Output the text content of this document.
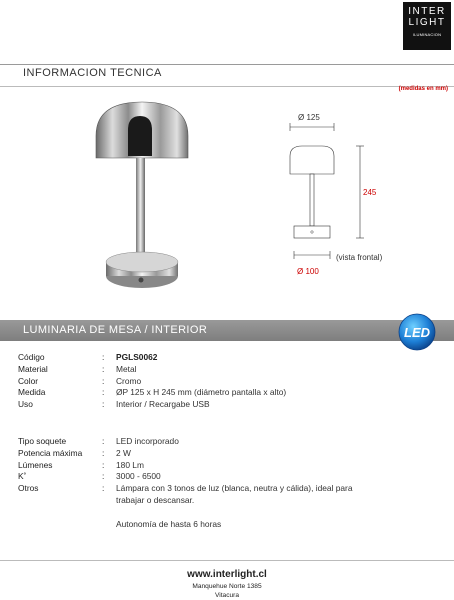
INTER
LIGHT
ILUMINACION
INFORMACION TECNICA
(medidas en mm)
Ø 125
245
(vista frontal)
Ø 100
LUMINARIA DE MESA / INTERIOR	LED
Código	:	PGLS0062
Material	:	Metal
Color	:	Cromo
Medida	:	ØP 125 x H 245 mm (diámetro pantalla x alto)
Uso	:	Interior / Recargabe USB
Tipo soquete	:	LED incorporado
Potencia máxima	:	2 W
Lúmenes	:	180 Lm
K˚	:	3000 - 6500
Otros	:	Lámpara con 3 tonos de luz (blanca, neutra y cálida), ideal para
trabajar o descansar.
Autonomía de hasta 6 horas
www.interlight.cl
Manquehue Norte 1385
Vitacura
